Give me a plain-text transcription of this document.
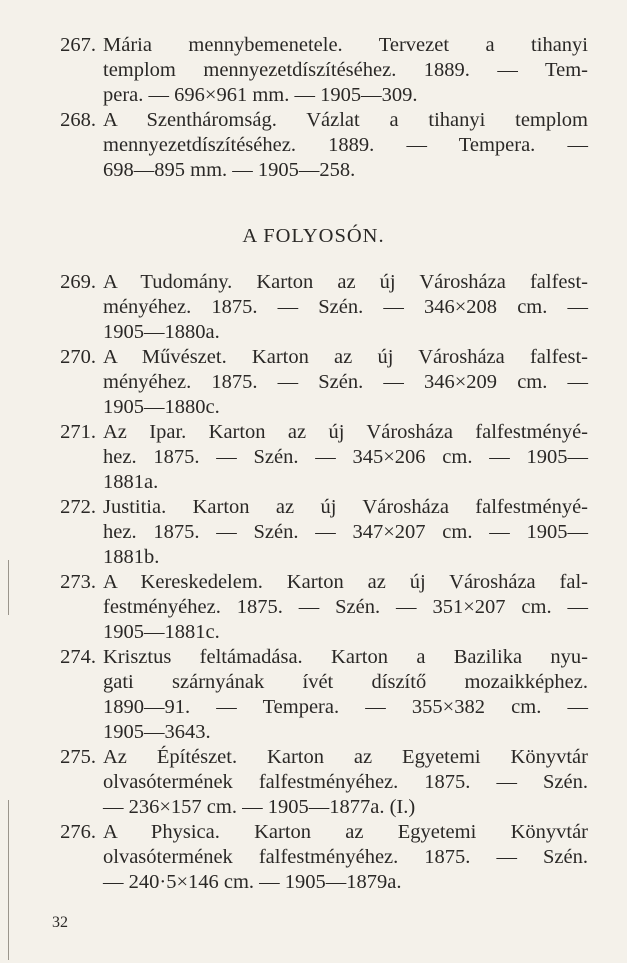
267. Mária mennybemenetele. Tervezet a tihanyi
templom mennyezetdíszítéséhez. 1889. — Tem-
pera. — 696×961 mm. — 1905—309.
268. A Szentháromság. Vázlat a tihanyi templom
mennyezetdíszítéséhez. 1889. — Tempera. —
698—895 mm. — 1905—258.
A FOLYOSÓN.
269. A Tudomány. Karton az új Városháza falfest-
ményéhez. 1875. — Szén. — 346×208 cm. —
1905—1880a.
270. A Művészet. Karton az új Városháza falfest-
ményéhez. 1875. — Szén. — 346×209 cm. —
1905—1880c.
271. Az Ipar. Karton az új Városháza falfestményé-
hez. 1875. — Szén. — 345×206 cm. — 1905—
1881a.
272. Justitia. Karton az új Városháza falfestményé-
hez. 1875. — Szén. — 347×207 cm. — 1905—
1881b.
273. A Kereskedelem. Karton az új Városháza fal-
festményéhez. 1875. — Szén. — 351×207 cm. —
1905—1881c.
274. Krisztus feltámadása. Karton a Bazilika nyu-
gati szárnyának ívét díszítő mozaikképhez.
1890—91. — Tempera. — 355×382 cm. —
1905—3643.
275. Az Építészet. Karton az Egyetemi Könyvtár
olvasótermének falfestményéhez. 1875. — Szén.
— 236×157 cm. — 1905—1877a. (I.)
276. A Physica. Karton az Egyetemi Könyvtár
olvasótermének falfestményéhez. 1875. — Szén.
— 240·5×146 cm. — 1905—1879a.
32
